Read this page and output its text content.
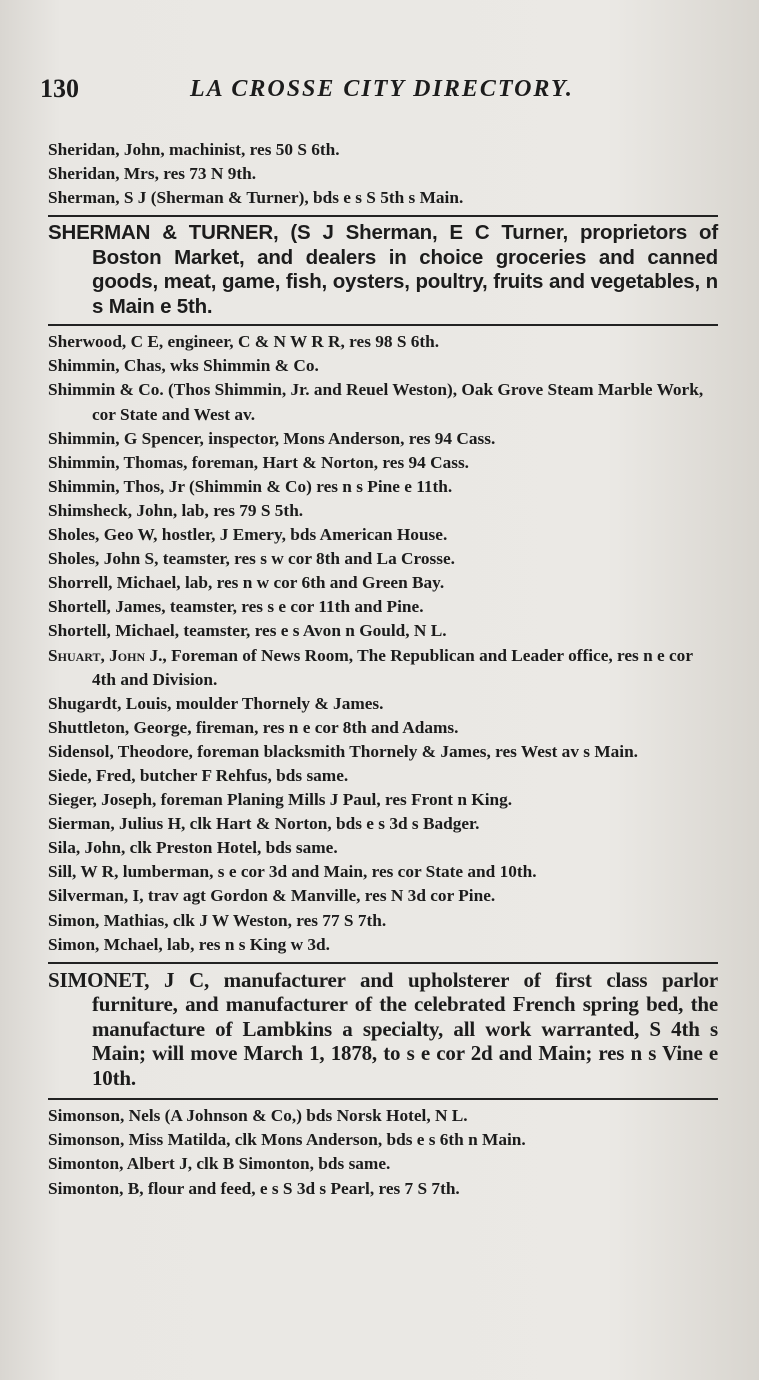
130	LA CROSSE CITY DIRECTORY.
Sheridan, John, machinist, res 50 S 6th.
Sheridan, Mrs, res 73 N 9th.
Sherman, S J (Sherman & Turner), bds e s S 5th s Main.
SHERMAN & TURNER, (S J Sherman, E C Turner, proprietors of Boston Market, and dealers in choice groceries and canned goods, meat, game, fish, oysters, poultry, fruits and vegetables, n s Main e 5th.
Sherwood, C E, engineer, C & N W R R, res 98 S 6th.
Shimmin, Chas, wks Shimmin & Co.
Shimmin & Co. (Thos Shimmin, Jr. and Reuel Weston), Oak Grove Steam Marble Work, cor State and West av.
Shimmin, G Spencer, inspector, Mons Anderson, res 94 Cass.
Shimmin, Thomas, foreman, Hart & Norton, res 94 Cass.
Shimmin, Thos, Jr (Shimmin & Co) res n s Pine e 11th.
Shimsheck, John, lab, res 79 S 5th.
Sholes, Geo W, hostler, J Emery, bds American House.
Sholes, John S, teamster, res s w cor 8th and La Crosse.
Shorrell, Michael, lab, res n w cor 6th and Green Bay.
Shortell, James, teamster, res s e cor 11th and Pine.
Shortell, Michael, teamster, res e s Avon n Gould, N L.
Shuart, John J., Foreman of News Room, The Republican and Leader office, res n e cor 4th and Division.
Shugardt, Louis, moulder Thornely & James.
Shuttleton, George, fireman, res n e cor 8th and Adams.
Sidensol, Theodore, foreman blacksmith Thornely & James, res West av s Main.
Siede, Fred, butcher F Rehfus, bds same.
Sieger, Joseph, foreman Planing Mills J Paul, res Front n King.
Sierman, Julius H, clk Hart & Norton, bds e s 3d s Badger.
Sila, John, clk Preston Hotel, bds same.
Sill, W R, lumberman, s e cor 3d and Main, res cor State and 10th.
Silverman, I, trav agt Gordon & Manville, res N 3d cor Pine.
Simon, Mathias, clk J W Weston, res 77 S 7th.
Simon, Mchael, lab, res n s King w 3d.
SIMONET, J C, manufacturer and upholsterer of first class parlor furniture, and manufacturer of the celebrated French spring bed, the manufacture of Lambkins a specialty, all work warranted, S 4th s Main; will move March 1, 1878, to s e cor 2d and Main; res n s Vine e 10th.
Simonson, Nels (A Johnson & Co,) bds Norsk Hotel, N L.
Simonson, Miss Matilda, clk Mons Anderson, bds e s 6th n Main.
Simonton, Albert J, clk B Simonton, bds same.
Simonton, B, flour and feed, e s S 3d s Pearl, res 7 S 7th.
